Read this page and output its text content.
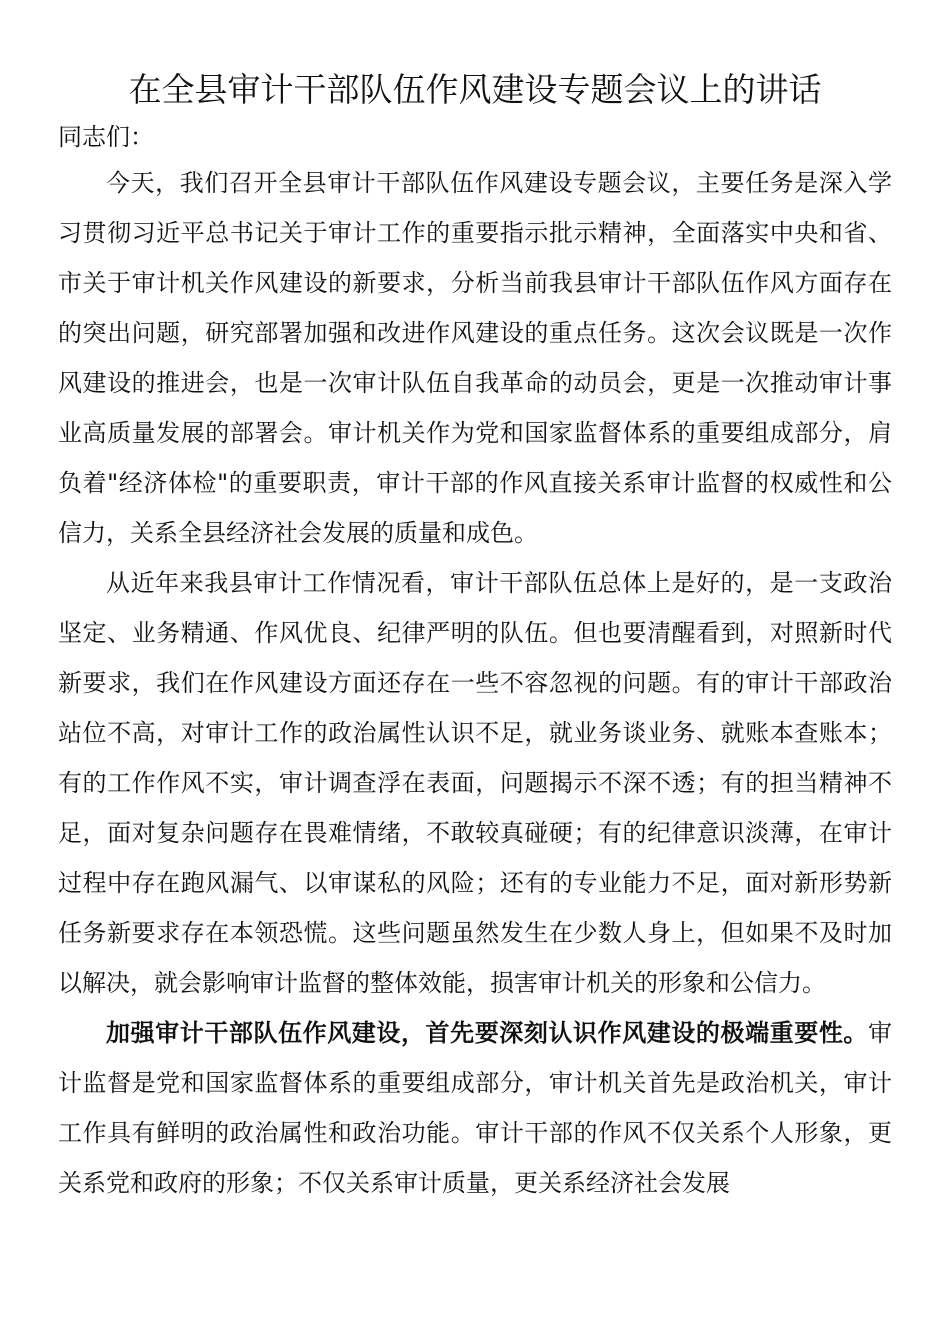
在全县审计干部队伍作风建设专题会议上的讲话

同志们：

今天，我们召开全县审计干部队伍作风建设专题会议，主要任务是深入学习贯彻习近平总书记关于审计工作的重要指示批示精神，全面落实中央和省、市关于审计机关作风建设的新要求，分析当前我县审计干部队伍作风方面存在的突出问题，研究部署加强和改进作风建设的重点任务。这次会议既是一次作风建设的推进会，也是一次审计队伍自我革命的动员会，更是一次推动审计事业高质量发展的部署会。审计机关作为党和国家监督体系的重要组成部分，肩负着"经济体检"的重要职责，审计干部的作风直接关系审计监督的权威性和公信力，关系全县经济社会发展的质量和成色。

从近年来我县审计工作情况看，审计干部队伍总体上是好的，是一支政治坚定、业务精通、作风优良、纪律严明的队伍。但也要清醒看到，对照新时代新要求，我们在作风建设方面还存在一些不容忽视的问题。有的审计干部政治站位不高，对审计工作的政治属性认识不足，就业务谈业务、就账本查账本；有的工作作风不实，审计调查浮在表面，问题揭示不深不透；有的担当精神不足，面对复杂问题存在畏难情绪，不敢较真碰硬；有的纪律意识淡薄，在审计过程中存在跑风漏气、以审谋私的风险；还有的专业能力不足，面对新形势新任务新要求存在本领恐慌。这些问题虽然发生在少数人身上，但如果不及时加以解决，就会影响审计监督的整体效能，损害审计机关的形象和公信力。

加强审计干部队伍作风建设，首先要深刻认识作风建设的极端重要性。审计监督是党和国家监督体系的重要组成部分，审计机关首先是政治机关，审计工作具有鲜明的政治属性和政治功能。审计干部的作风不仅关系个人形象，更关系党和政府的形象；不仅关系审计质量，更关系经济社会发展
